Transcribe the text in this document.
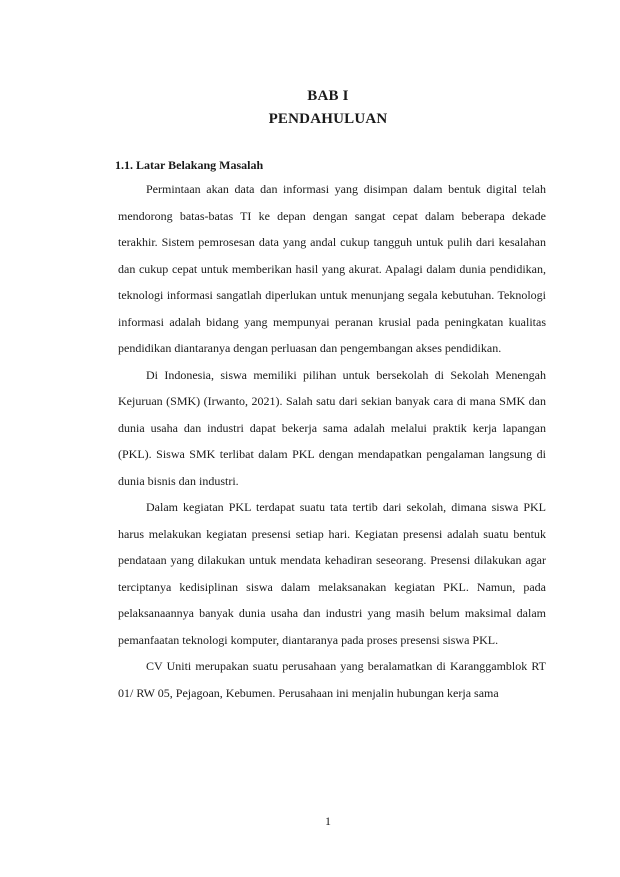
BAB I
PENDAHULUAN
1.1. Latar Belakang Masalah

Permintaan akan data dan informasi yang disimpan dalam bentuk digital telah mendorong batas-batas TI ke depan dengan sangat cepat dalam beberapa dekade terakhir. Sistem pemrosesan data yang andal cukup tangguh untuk pulih dari kesalahan dan cukup cepat untuk memberikan hasil yang akurat. Apalagi dalam dunia pendidikan, teknologi informasi sangatlah diperlukan untuk menunjang segala kebutuhan. Teknologi informasi adalah bidang yang mempunyai peranan krusial pada peningkatan kualitas pendidikan diantaranya dengan perluasan dan pengembangan akses pendidikan.

Di Indonesia, siswa memiliki pilihan untuk bersekolah di Sekolah Menengah Kejuruan (SMK) (Irwanto, 2021). Salah satu dari sekian banyak cara di mana SMK dan dunia usaha dan industri dapat bekerja sama adalah melalui praktik kerja lapangan (PKL). Siswa SMK terlibat dalam PKL dengan mendapatkan pengalaman langsung di dunia bisnis dan industri.

Dalam kegiatan PKL terdapat suatu tata tertib dari sekolah, dimana siswa PKL harus melakukan kegiatan presensi setiap hari. Kegiatan presensi adalah suatu bentuk pendataan yang dilakukan untuk mendata kehadiran seseorang. Presensi dilakukan agar terciptanya kedisiplinan siswa dalam melaksanakan kegiatan PKL. Namun, pada pelaksanaannya banyak dunia usaha dan industri yang masih belum maksimal dalam pemanfaatan teknologi komputer, diantaranya pada proses presensi siswa PKL.

CV Uniti merupakan suatu perusahaan yang beralamatkan di Karanggamblok RT 01/ RW 05, Pejagoan, Kebumen. Perusahaan ini menjalin hubungan kerja sama

1
